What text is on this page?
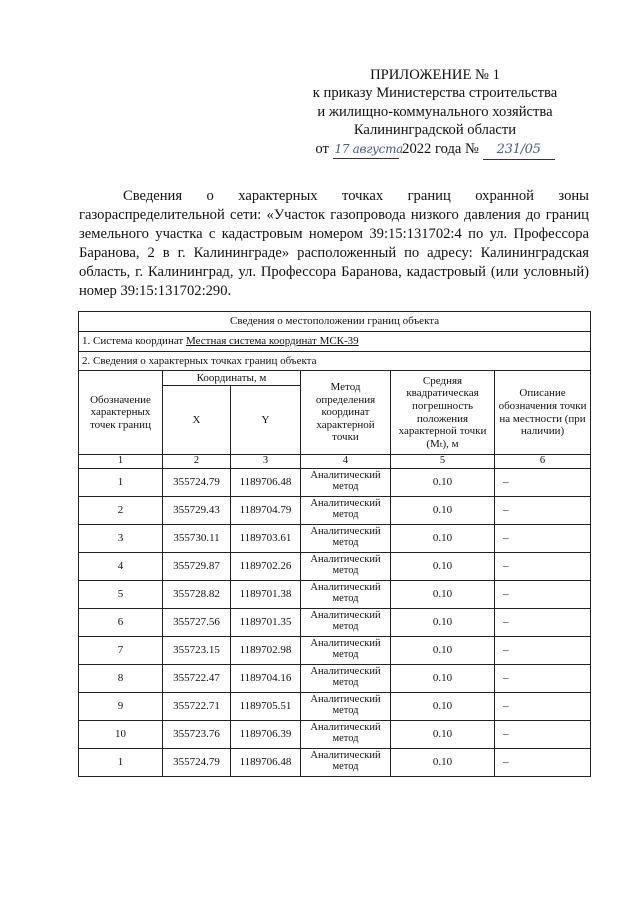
ПРИЛОЖЕНИЕ № 1
к приказу Министерства строительства
и жилищно-коммунального хозяйства
Калининградской области
от 17 августа 2022 года № 231/05
Сведения о характерных точках границ охранной зоны газораспределительной сети: «Участок газопровода низкого давления до границ земельного участка с кадастровым номером 39:15:131702:4 по ул. Профессора Баранова, 2 в г. Калининграде» расположенный по адресу: Калининградская область, г. Калининград, ул. Профессора Баранова, кадастровый (или условный) номер 39:15:131702:290.
Сведения о местоположении границ объекта					
1. Система координат Местная система координат МСК-39					
2. Сведения о характерных точках границ объекта					
Обозначение характерных точек границ	Координаты, м		Метод определения координат характерной точки	Средняя квадратическая погрешность положения характерной точки (Mₜ), м	Описание обозначения точки на местности (при наличии)
	X	Y			
1	2	3	4	5	6
1	355724.79	1189706.48	Аналитический метод	0.10	–
2	355729.43	1189704.79	Аналитический метод	0.10	–
3	355730.11	1189703.61	Аналитический метод	0.10	–
4	355729.87	1189702.26	Аналитический метод	0.10	–
5	355728.82	1189701.38	Аналитический метод	0.10	–
6	355727.56	1189701.35	Аналитический метод	0.10	–
7	355723.15	1189702.98	Аналитический метод	0.10	–
8	355722.47	1189704.16	Аналитический метод	0.10	–
9	355722.71	1189705.51	Аналитический метод	0.10	–
10	355723.76	1189706.39	Аналитический метод	0.10	–
1	355724.79	1189706.48	Аналитический метод	0.10	–
